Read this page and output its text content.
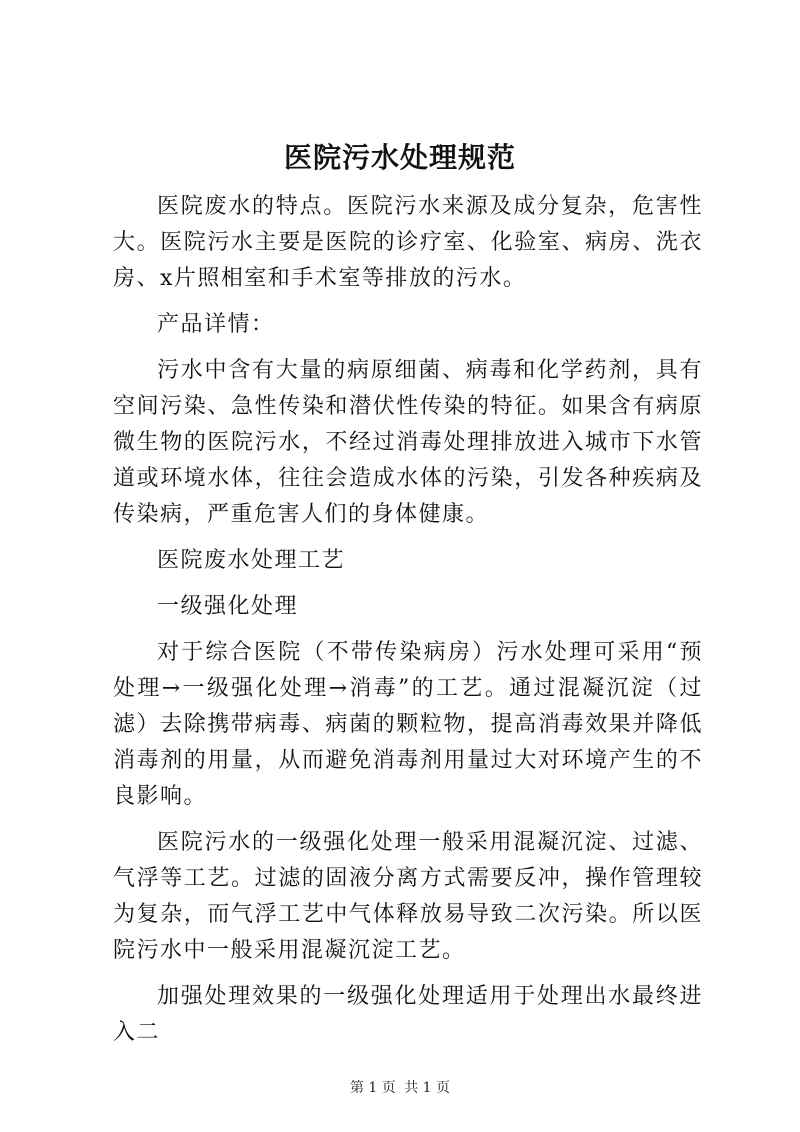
医院污水处理规范

医院废水的特点。医院污水来源及成分复杂，危害性大。医院污水主要是医院的诊疗室、化验室、病房、洗衣房、x片照相室和手术室等排放的污水。

产品详情：

污水中含有大量的病原细菌、病毒和化学药剂，具有空间污染、急性传染和潜伏性传染的特征。如果含有病原微生物的医院污水，不经过消毒处理排放进入城市下水管道或环境水体，往往会造成水体的污染，引发各种疾病及传染病，严重危害人们的身体健康。

医院废水处理工艺

一级强化处理

对于综合医院（不带传染病房）污水处理可采用“预处理→一级强化处理→消毒”的工艺。通过混凝沉淀（过滤）去除携带病毒、病菌的颗粒物，提高消毒效果并降低消毒剂的用量，从而避免消毒剂用量过大对环境产生的不良影响。

医院污水的一级强化处理一般采用混凝沉淀、过滤、气浮等工艺。过滤的固液分离方式需要反冲，操作管理较为复杂，而气浮工艺中气体释放易导致二次污染。所以医院污水中一般采用混凝沉淀工艺。

加强处理效果的一级强化处理适用于处理出水最终进入二

第 1 页 共 1 页
